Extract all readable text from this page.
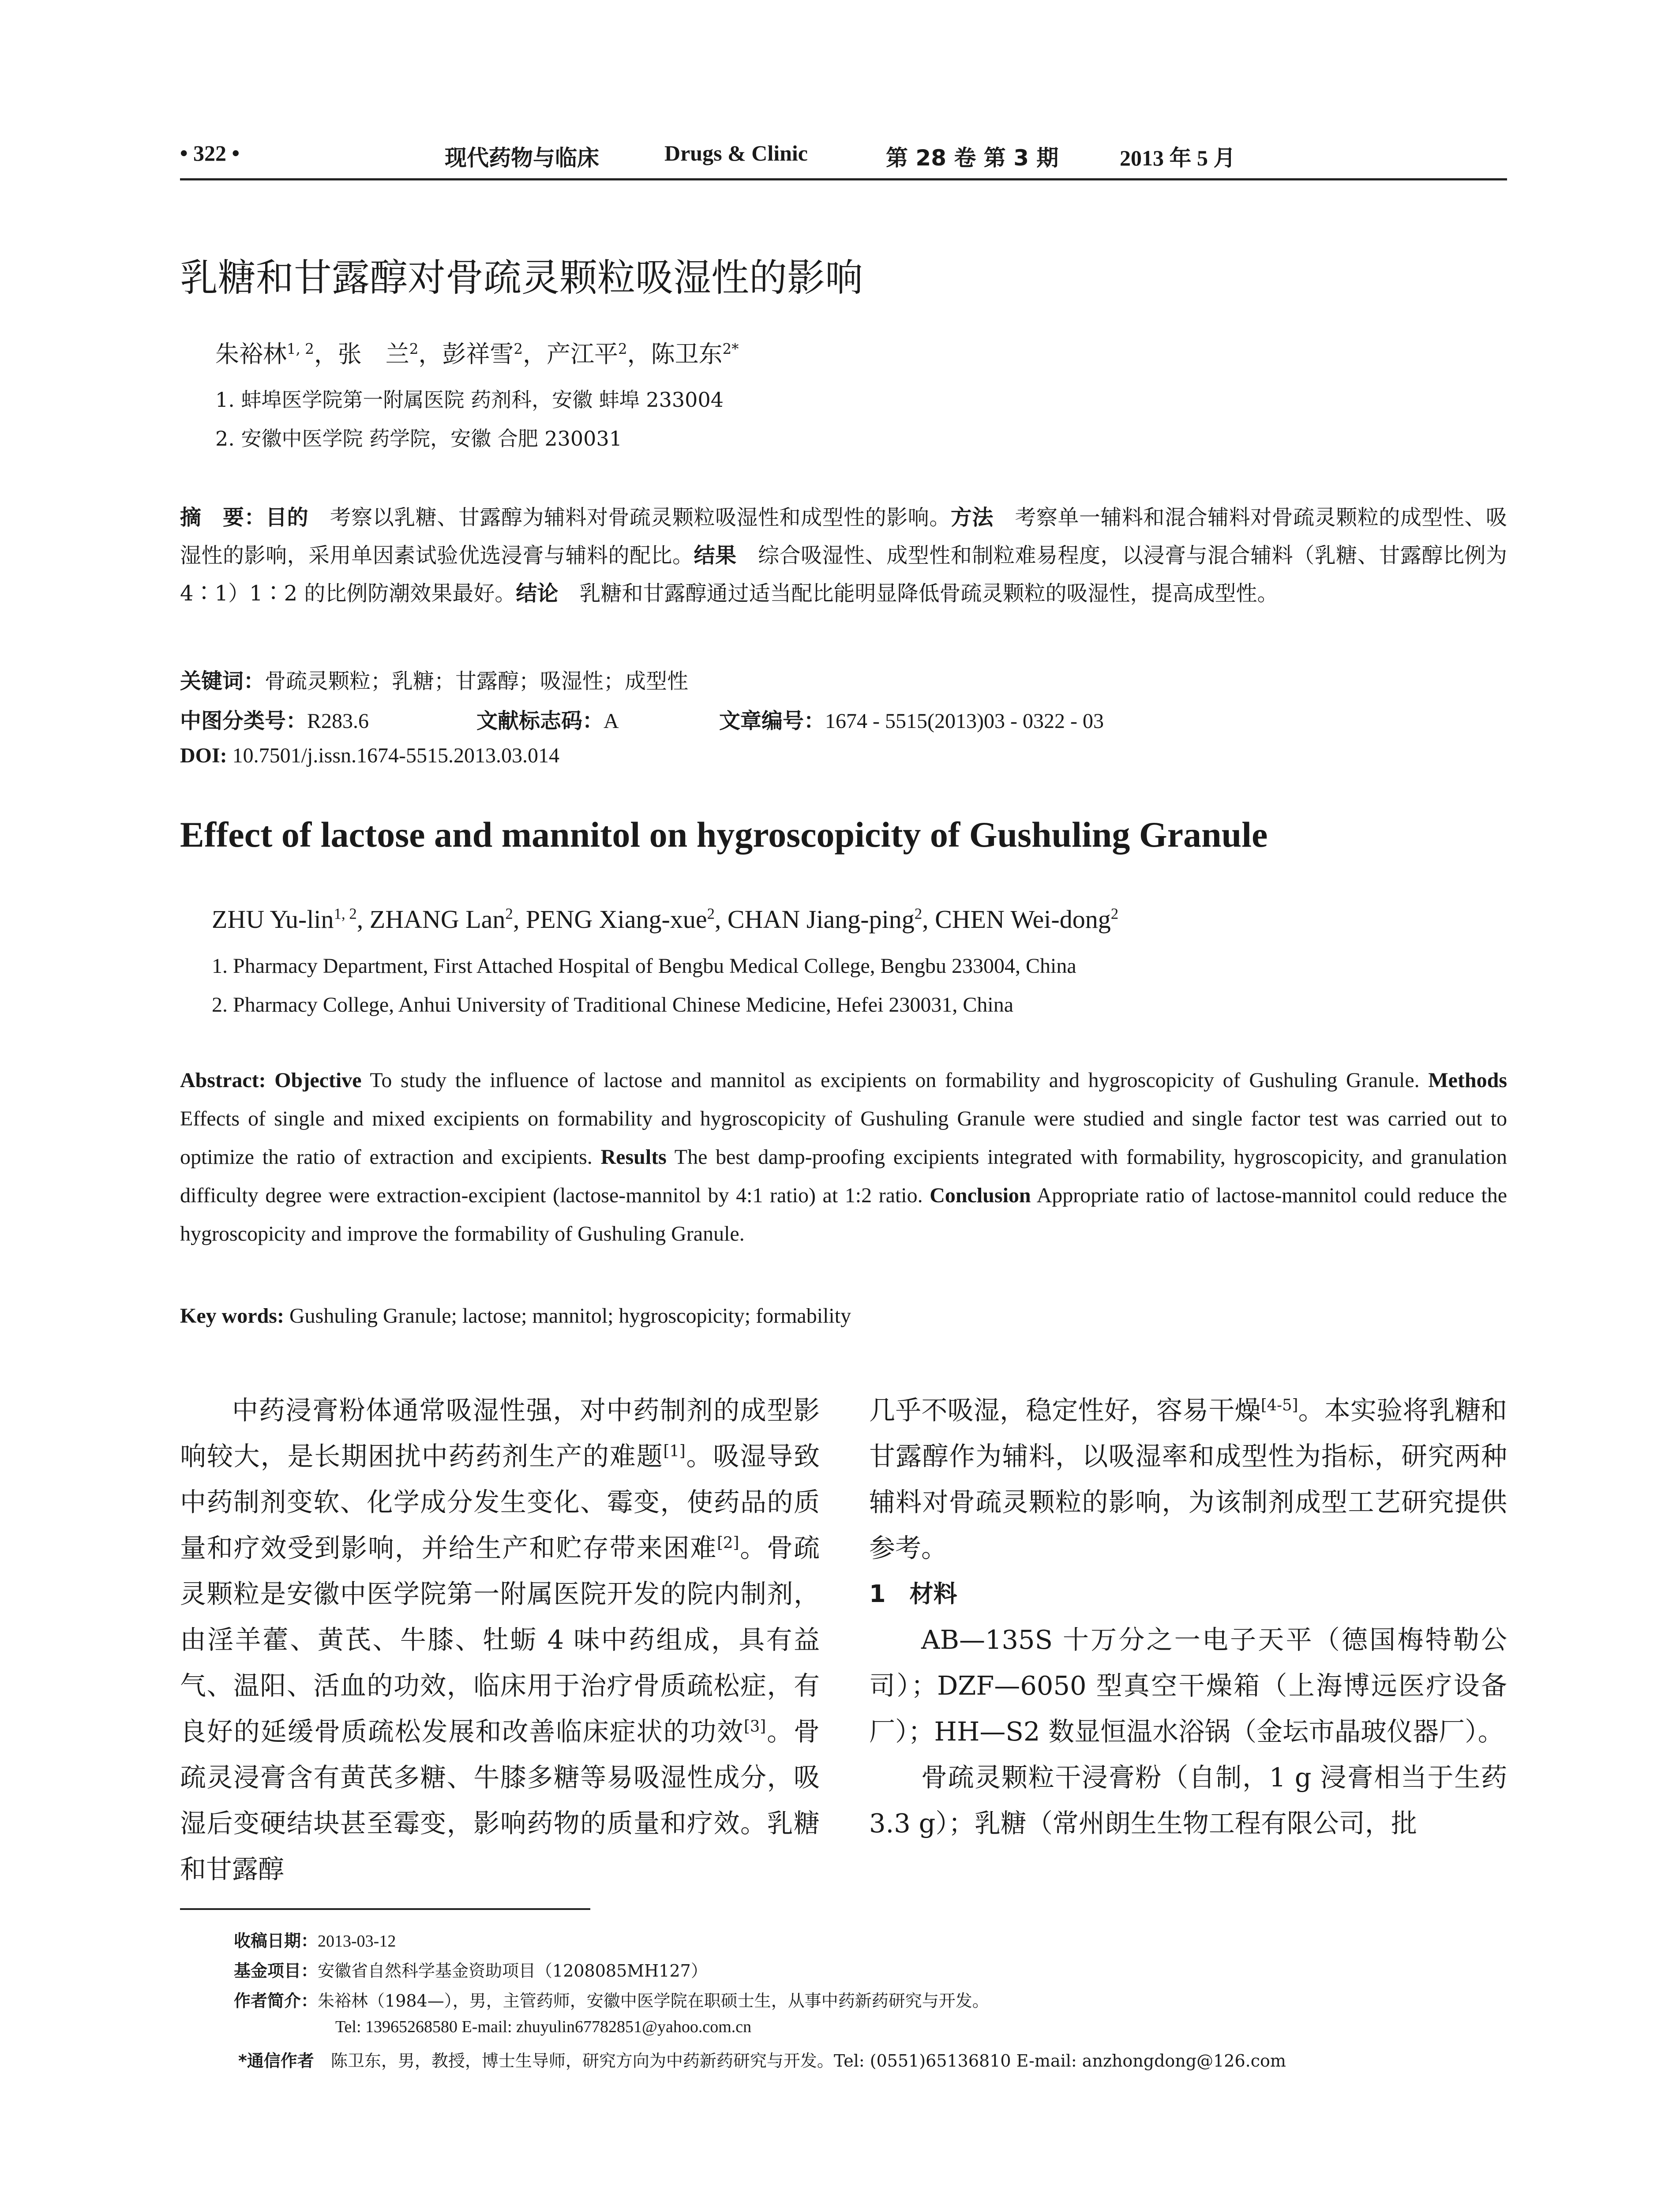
• 322 •	现代药物与临床	Drugs & Clinic	第 28 卷 第 3 期	2013 年 5 月
乳糖和甘露醇对骨疏灵颗粒吸湿性的影响
朱裕林$^{1, 2}$，张　兰$^2$，彭祥雪$^2$，产江平$^2$，陈卫东$^{2*}$
1. 蚌埠医学院第一附属医院 药剂科，安徽 蚌埠 233004
2. 安徽中医学院 药学院，安徽 合肥 230031
摘　要：目的　考察以乳糖、甘露醇为辅料对骨疏灵颗粒吸湿性和成型性的影响。方法　考察单一辅料和混合辅料对骨疏灵颗粒的成型性、吸湿性的影响，采用单因素试验优选浸膏与辅料的配比。结果　综合吸湿性、成型性和制粒难易程度，以浸膏与混合辅料（乳糖、甘露醇比例为 4∶1）1∶2 的比例防潮效果最好。结论　乳糖和甘露醇通过适当配比能明显降低骨疏灵颗粒的吸湿性，提高成型性。
关键词：骨疏灵颗粒；乳糖；甘露醇；吸湿性；成型性
中图分类号：R283.6	文献标志码：A	文章编号：1674 - 5515(2013)03 - 0322 - 03
DOI: 10.7501/j.issn.1674-5515.2013.03.014
Effect of lactose and mannitol on hygroscopicity of Gushuling Granule
ZHU Yu-lin$^{1, 2}$, ZHANG Lan$^2$, PENG Xiang-xue$^2$, CHAN Jiang-ping$^2$, CHEN Wei-dong$^2$
1. Pharmacy Department, First Attached Hospital of Bengbu Medical College, Bengbu 233004, China
2. Pharmacy College, Anhui University of Traditional Chinese Medicine, Hefei 230031, China
Abstract: Objective To study the influence of lactose and mannitol as excipients on formability and hygroscopicity of Gushuling Granule. Methods Effects of single and mixed excipients on formability and hygroscopicity of Gushuling Granule were studied and single factor test was carried out to optimize the ratio of extraction and excipients. Results The best damp-proofing excipients integrated with formability, hygroscopicity, and granulation difficulty degree were extraction-excipient (lactose-mannitol by 4:1 ratio) at 1:2 ratio. Conclusion Appropriate ratio of lactose-mannitol could reduce the hygroscopicity and improve the formability of Gushuling Granule.
Key words: Gushuling Granule; lactose; mannitol; hygroscopicity; formability

中药浸膏粉体通常吸湿性强，对中药制剂的成型影响较大，是长期困扰中药药剂生产的难题[1]。吸湿导致中药制剂变软、化学成分发生变化、霉变，使药品的质量和疗效受到影响，并给生产和贮存带来困难[2]。骨疏灵颗粒是安徽中医学院第一附属医院开发的院内制剂，由淫羊藿、黄芪、牛膝、牡蛎 4 味中药组成，具有益气、温阳、活血的功效，临床用于治疗骨质疏松症，有良好的延缓骨质疏松发展和改善临床症状的功效[3]。骨疏灵浸膏含有黄芪多糖、牛膝多糖等易吸湿性成分，吸湿后变硬结块甚至霉变，影响药物的质量和疗效。乳糖和甘露醇

几乎不吸湿，稳定性好，容易干燥[4-5]。本实验将乳糖和甘露醇作为辅料，以吸湿率和成型性为指标，研究两种辅料对骨疏灵颗粒的影响，为该制剂成型工艺研究提供参考。

1　材料

AB—135S 十万分之一电子天平（德国梅特勒公司）；DZF—6050 型真空干燥箱（上海博远医疗设备厂）；HH—S2 数显恒温水浴锅（金坛市晶玻仪器厂）。

骨疏灵颗粒干浸膏粉（自制，1 g 浸膏相当于生药 3.3 g）；乳糖（常州朗生生物工程有限公司，批

收稿日期：2013-03-12
基金项目：安徽省自然科学基金资助项目（1208085MH127）
作者简介：朱裕林（1984—），男，主管药师，安徽中医学院在职硕士生，从事中药新药研究与开发。
Tel: 13965268580 E-mail: zhuyulin67782851@yahoo.com.cn
*通信作者　陈卫东，男，教授，博士生导师，研究方向为中药新药研究与开发。Tel: (0551)65136810 E-mail: anzhongdong@126.com
